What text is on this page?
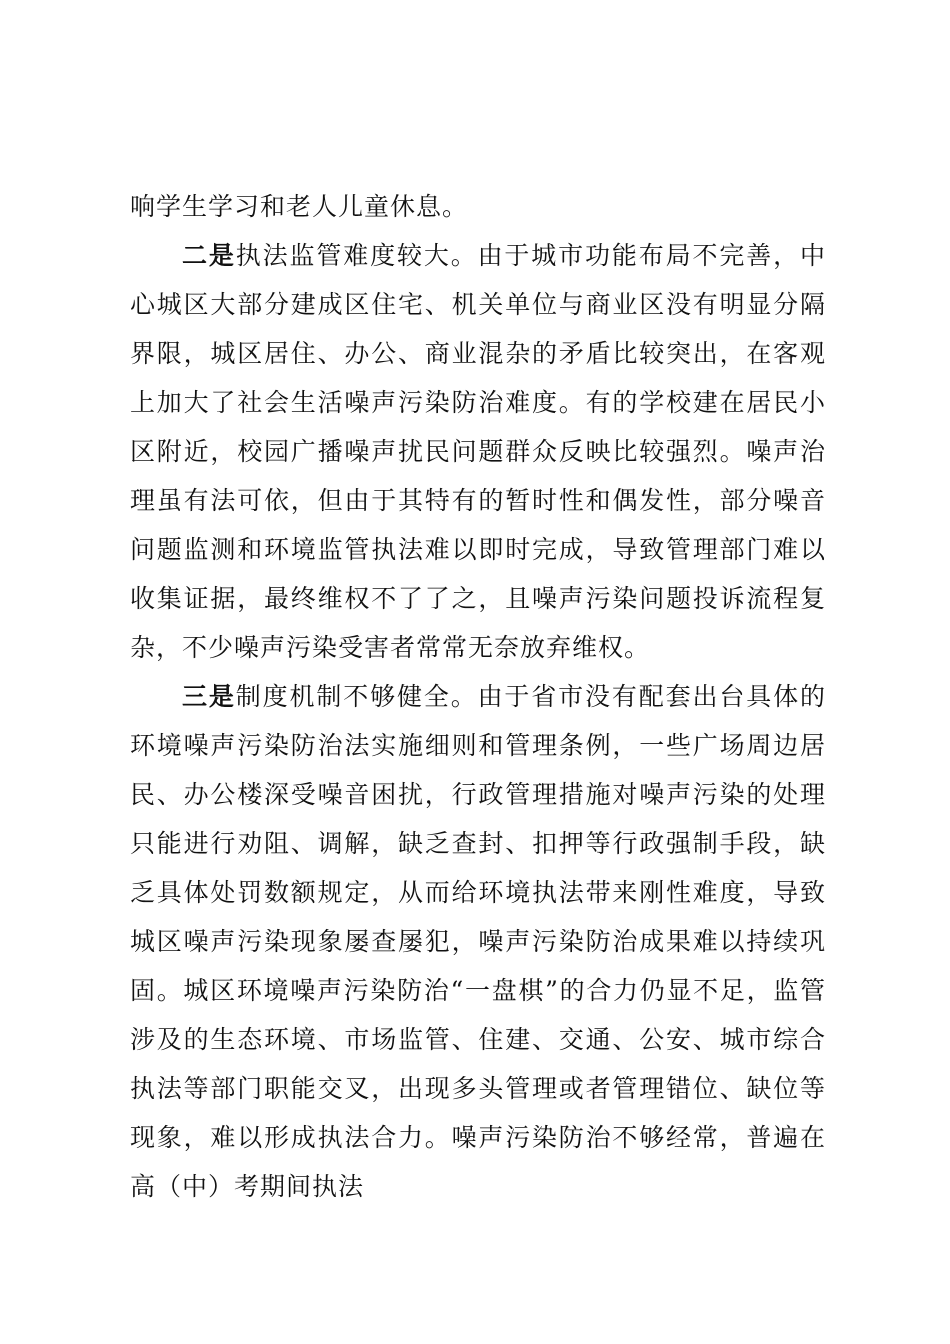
响学生学习和老人儿童休息。

二是执法监管难度较大。由于城市功能布局不完善，中心城区大部分建成区住宅、机关单位与商业区没有明显分隔界限，城区居住、办公、商业混杂的矛盾比较突出，在客观上加大了社会生活噪声污染防治难度。有的学校建在居民小区附近，校园广播噪声扰民问题群众反映比较强烈。噪声治理虽有法可依，但由于其特有的暂时性和偶发性，部分噪音问题监测和环境监管执法难以即时完成，导致管理部门难以收集证据，最终维权不了了之，且噪声污染问题投诉流程复杂，不少噪声污染受害者常常无奈放弃维权。

三是制度机制不够健全。由于省市没有配套出台具体的环境噪声污染防治法实施细则和管理条例，一些广场周边居民、办公楼深受噪音困扰，行政管理措施对噪声污染的处理只能进行劝阻、调解，缺乏查封、扣押等行政强制手段，缺乏具体处罚数额规定，从而给环境执法带来刚性难度，导致城区噪声污染现象屡查屡犯，噪声污染防治成果难以持续巩固。城区环境噪声污染防治“一盘棋”的合力仍显不足，监管涉及的生态环境、市场监管、住建、交通、公安、城市综合执法等部门职能交叉，出现多头管理或者管理错位、缺位等现象，难以形成执法合力。噪声污染防治不够经常，普遍在高（中）考期间执法
